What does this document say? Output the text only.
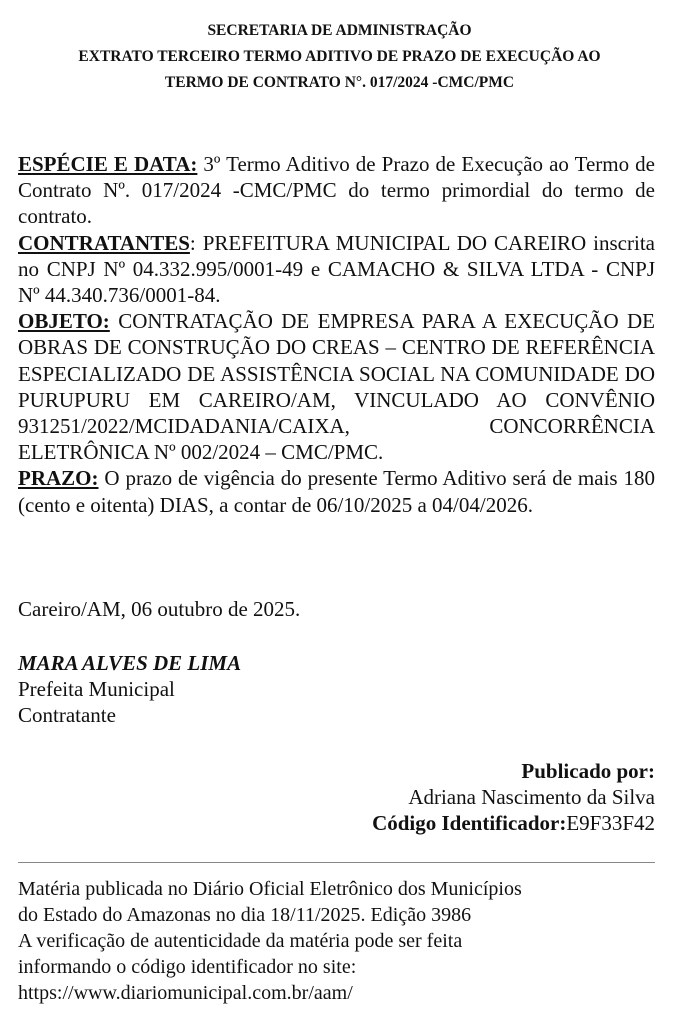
SECRETARIA DE ADMINISTRAÇÃO
EXTRATO TERCEIRO TERMO ADITIVO DE PRAZO DE EXECUÇÃO AO
TERMO DE CONTRATO N°. 017/2024 -CMC/PMC

ESPÉCIE E DATA: 3º Termo Aditivo de Prazo de Execução ao Termo de Contrato Nº. 017/2024 -CMC/PMC do termo primordial do termo de contrato.

CONTRATANTES: PREFEITURA MUNICIPAL DO CAREIRO inscrita no CNPJ Nº 04.332.995/0001-49 e CAMACHO & SILVA LTDA - CNPJ Nº 44.340.736/0001-84.

OBJETO: CONTRATAÇÃO DE EMPRESA PARA A EXECUÇÃO DE OBRAS DE CONSTRUÇÃO DO CREAS – CENTRO DE REFERÊNCIA ESPECIALIZADO DE ASSISTÊNCIA SOCIAL NA COMUNIDADE DO PURUPURU EM CAREIRO/AM, VINCULADO AO CONVÊNIO 931251/2022/MCIDADANIA/CAIXA, CONCORRÊNCIA ELETRÔNICA Nº 002/2024 – CMC/PMC.

PRAZO: O prazo de vigência do presente Termo Aditivo será de mais 180 (cento e oitenta) DIAS, a contar de 06/10/2025 a 04/04/2026.

Careiro/AM, 06 outubro de 2025.
MARA ALVES DE LIMA
Prefeita Municipal
Contratante
Publicado por:
Adriana Nascimento da Silva
Código Identificador:E9F33F42
Matéria publicada no Diário Oficial Eletrônico dos Municípios
do Estado do Amazonas no dia 18/11/2025. Edição 3986
A verificação de autenticidade da matéria pode ser feita
informando o código identificador no site:
https://www.diariomunicipal.com.br/aam/
